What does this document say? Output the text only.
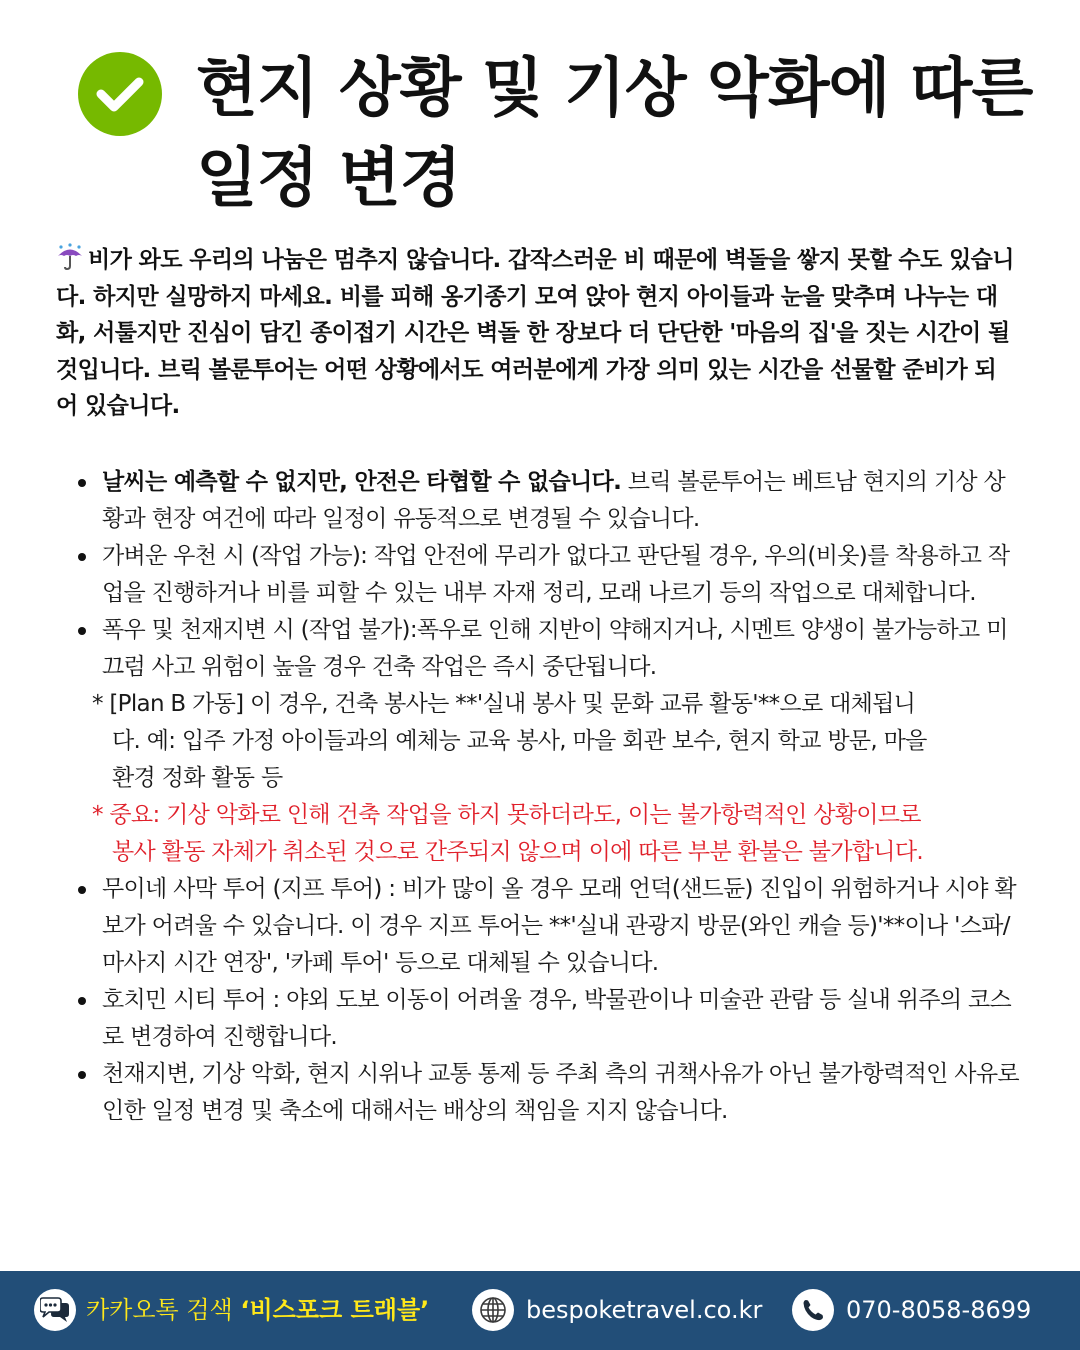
현지 상황 및 기상 악화에 따른 일정 변경

비가 와도 우리의 나눔은 멈추지 않습니다. 갑작스러운 비 때문에 벽돌을 쌓지 못할 수도 있습니다. 하지만 실망하지 마세요. 비를 피해 옹기종기 모여 앉아 현지 아이들과 눈을 맞추며 나누는 대화, 서툴지만 진심이 담긴 종이접기 시간은 벽돌 한 장보다 더 단단한 '마음의 집'을 짓는 시간이 될 것입니다. 브릭 볼룬투어는 어떤 상황에서도 여러분에게 가장 의미 있는 시간을 선물할 준비가 되어 있습니다.

날씨는 예측할 수 없지만, 안전은 타협할 수 없습니다. 브릭 볼룬투어는 베트남 현지의 기상 상황과 현장 여건에 따라 일정이 유동적으로 변경될 수 있습니다.
가벼운 우천 시 (작업 가능): 작업 안전에 무리가 없다고 판단될 경우, 우의(비옷)를 착용하고 작업을 진행하거나 비를 피할 수 있는 내부 자재 정리, 모래 나르기 등의 작업으로 대체합니다.
폭우 및 천재지변 시 (작업 불가):폭우로 인해 지반이 약해지거나, 시멘트 양생이 불가능하고 미끄럼 사고 위험이 높을 경우 건축 작업은 즉시 중단됩니다.
* [Plan B 가동] 이 경우, 건축 봉사는 **'실내 봉사 및 문화 교류 활동'**으로 대체됩니다. 예: 입주 가정 아이들과의 예체능 교육 봉사, 마을 회관 보수, 현지 학교 방문, 마을 환경 정화 활동 등
* 중요: 기상 악화로 인해 건축 작업을 하지 못하더라도, 이는 불가항력적인 상황이므로 봉사 활동 자체가 취소된 것으로 간주되지 않으며 이에 따른 부분 환불은 불가합니다.
무이네 사막 투어 (지프 투어) : 비가 많이 올 경우 모래 언덕(샌드듄) 진입이 위험하거나 시야 확보가 어려울 수 있습니다. 이 경우 지프 투어는 **'실내 관광지 방문(와인 캐슬 등)'**이나 '스파/마사지 시간 연장', '카페 투어' 등으로 대체될 수 있습니다.
호치민 시티 투어 : 야외 도보 이동이 어려울 경우, 박물관이나 미술관 관람 등 실내 위주의 코스로 변경하여 진행합니다.
천재지변, 기상 악화, 현지 시위나 교통 통제 등 주최 측의 귀책사유가 아닌 불가항력적인 사유로 인한 일정 변경 및 축소에 대해서는 배상의 책임을 지지 않습니다.
카카오톡 검색 ‘비스포크 트래블’	bespoketravel.co.kr	070-8058-8699
